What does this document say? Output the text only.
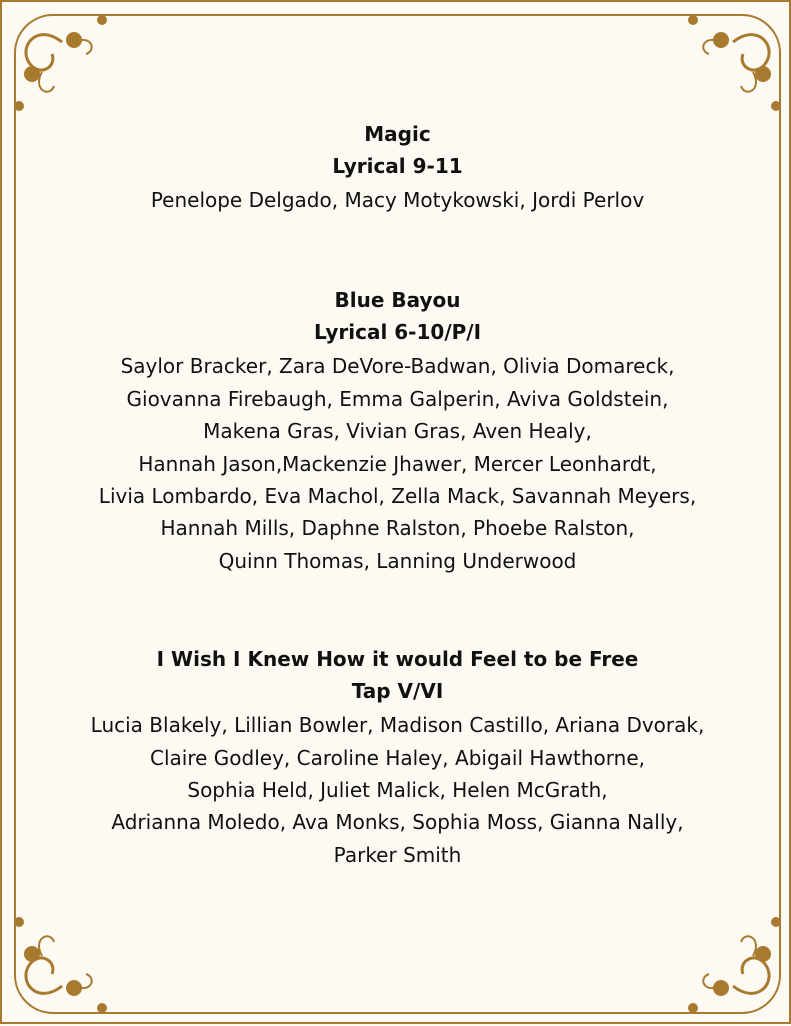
Magic

Lyrical 9-11

Penelope Delgado, Macy Motykowski, Jordi Perlov

Blue Bayou

Lyrical 6-10/P/I

Saylor Bracker, Zara DeVore-Badwan, Olivia Domareck,
Giovanna Firebaugh, Emma Galperin, Aviva Goldstein,
Makena Gras, Vivian Gras, Aven Healy,
Hannah Jason,Mackenzie Jhawer, Mercer Leonhardt,
Livia Lombardo, Eva Machol, Zella Mack, Savannah Meyers,
Hannah Mills, Daphne Ralston, Phoebe Ralston,
Quinn Thomas, Lanning Underwood

I Wish I Knew How it would Feel to be Free

Tap V/VI

Lucia Blakely, Lillian Bowler, Madison Castillo, Ariana Dvorak,
Claire Godley, Caroline Haley, Abigail Hawthorne,
Sophia Held, Juliet Malick, Helen McGrath,
Adrianna Moledo, Ava Monks, Sophia Moss, Gianna Nally,
Parker Smith
